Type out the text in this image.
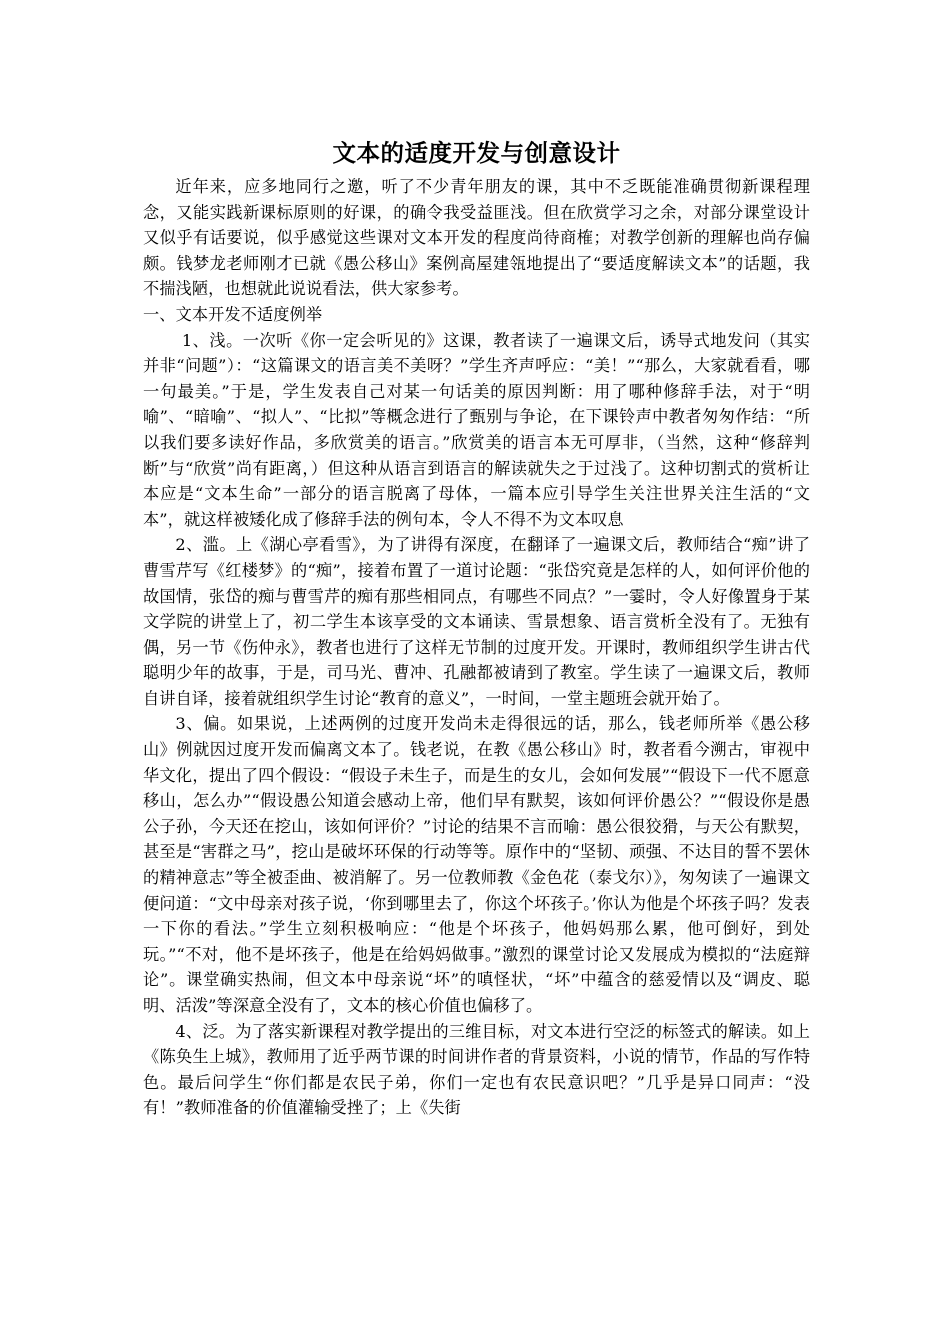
文本的适度开发与创意设计

近年来，应多地同行之邀，听了不少青年朋友的课，其中不乏既能准确贯彻新课程理念，又能实践新课标原则的好课，的确令我受益匪浅。但在欣赏学习之余，对部分课堂设计又似乎有话要说，似乎感觉这些课对文本开发的程度尚待商榷；对教学创新的理解也尚存偏颇。钱梦龙老师刚才已就《愚公移山》案例高屋建瓴地提出了“要适度解读文本”的话题，我不揣浅陋，也想就此说说看法，供大家参考。

一、文本开发不适度例举

1、浅。一次听《你一定会听见的》这课，教者读了一遍课文后，诱导式地发问（其实并非“问题”）：“这篇课文的语言美不美呀？”学生齐声呼应：“美！”“那么，大家就看看，哪一句最美。”于是，学生发表自己对某一句话美的原因判断：用了哪种修辞手法，对于“明喻”、“暗喻”、“拟人”、“比拟”等概念进行了甄别与争论，在下课铃声中教者匆匆作结：“所以我们要多读好作品，多欣赏美的语言。”欣赏美的语言本无可厚非，（当然，这种“修辞判断”与“欣赏”尚有距离，）但这种从语言到语言的解读就失之于过浅了。这种切割式的赏析让本应是“文本生命”一部分的语言脱离了母体，一篇本应引导学生关注世界关注生活的“文本”，就这样被矮化成了修辞手法的例句本，令人不得不为文本叹息

2、滥。上《湖心亭看雪》，为了讲得有深度，在翻译了一遍课文后，教师结合“痴”讲了曹雪芹写《红楼梦》的“痴”，接着布置了一道讨论题：“张岱究竟是怎样的人，如何评价他的故国情，张岱的痴与曹雪芹的痴有那些相同点，有哪些不同点？”一霎时，令人好像置身于某文学院的讲堂上了，初二学生本该享受的文本诵读、雪景想象、语言赏析全没有了。无独有偶，另一节《伤仲永》，教者也进行了这样无节制的过度开发。开课时，教师组织学生讲古代聪明少年的故事，于是，司马光、曹冲、孔融都被请到了教室。学生读了一遍课文后，教师自讲自译，接着就组织学生讨论“教育的意义”，一时间，一堂主题班会就开始了。

3、偏。如果说，上述两例的过度开发尚未走得很远的话，那么，钱老师所举《愚公移山》例就因过度开发而偏离文本了。钱老说，在教《愚公移山》时，教者看今溯古，审视中华文化，提出了四个假设：“假设子未生子，而是生的女儿，会如何发展”“假设下一代不愿意移山，怎么办”“假设愚公知道会感动上帝，他们早有默契，该如何评价愚公？”“假设你是愚公子孙，今天还在挖山，该如何评价？”讨论的结果不言而喻：愚公很狡猾，与天公有默契，甚至是“害群之马”，挖山是破坏环保的行动等等。原作中的“坚韧、顽强、不达目的誓不罢休的精神意志”等全被歪曲、被消解了。另一位教师教《金色花（泰戈尔）》，匆匆读了一遍课文便问道：“文中母亲对孩子说，‘你到哪里去了，你这个坏孩子。’你认为他是个坏孩子吗？发表一下你的看法。”学生立刻积极响应：“他是个坏孩子，他妈妈那么累，他可倒好，到处玩。”“不对，他不是坏孩子，他是在给妈妈做事。”激烈的课堂讨论又发展成为模拟的“法庭辩论”。课堂确实热闹，但文本中母亲说“坏”的嗔怪状，“坏”中蕴含的慈爱情以及“调皮、聪明、活泼”等深意全没有了，文本的核心价值也偏移了。

4、泛。为了落实新课程对教学提出的三维目标，对文本进行空泛的标签式的解读。如上《陈奂生上城》，教师用了近乎两节课的时间讲作者的背景资料，小说的情节，作品的写作特色。最后问学生“你们都是农民子弟，你们一定也有农民意识吧？”几乎是异口同声：“没有！”教师准备的价值灌输受挫了；上《失街
